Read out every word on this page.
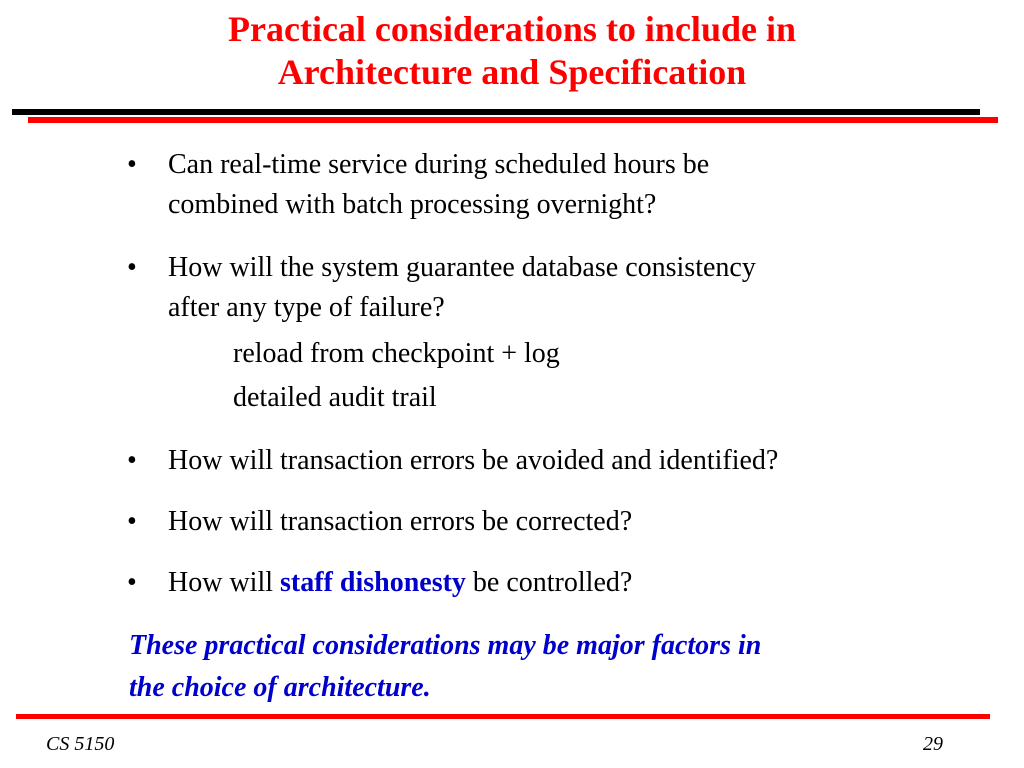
Practical considerations to include in
Architecture and Specification
• Can real-time service during scheduled hours be
combined with batch processing overnight?
• How will the system guarantee database consistency
after any type of failure?
reload from checkpoint + log
detailed audit trail
• How will transaction errors be avoided and identified?
• How will transaction errors be corrected?
• How will staff dishonesty be controlled?
These practical considerations may be major factors in
the choice of architecture.
CS 5150	29
